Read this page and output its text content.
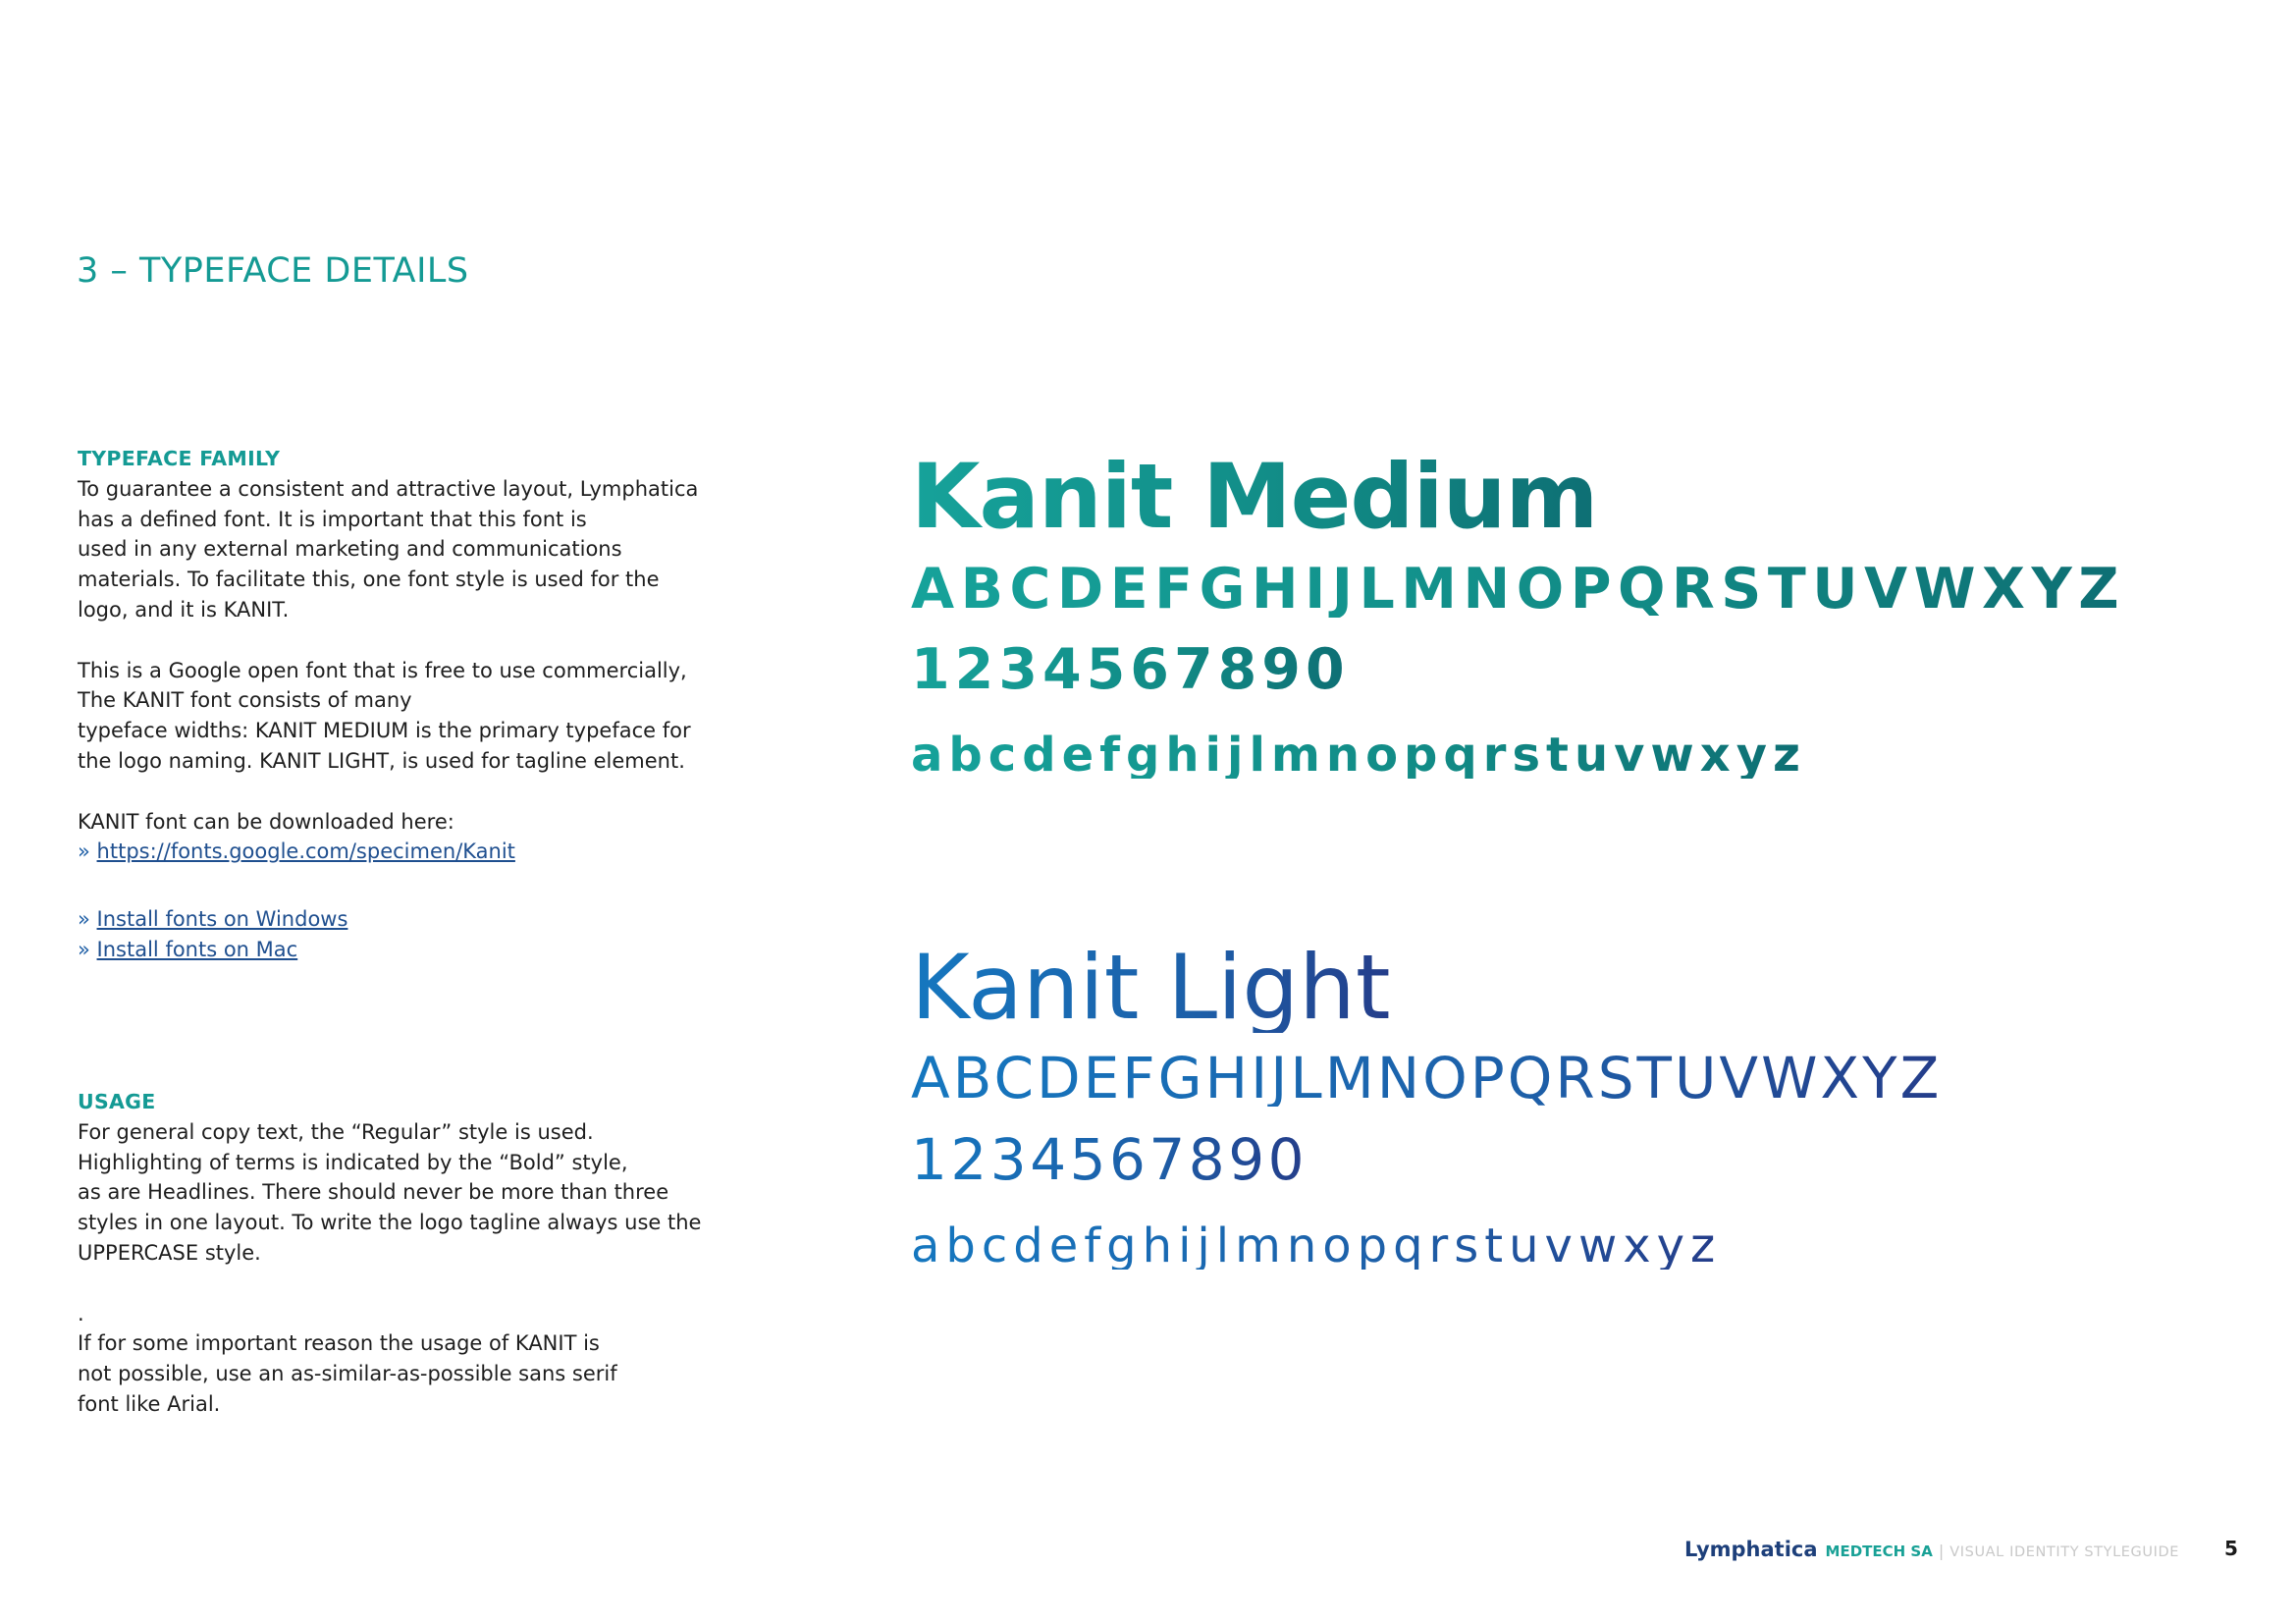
3 – TYPEFACE DETAILS
TYPEFACE FAMILY
To guarantee a consistent and attractive layout, Lymphatica
has a defined font. It is important that this font is
used in any external marketing and communications
materials. To facilitate this, one font style is used for the
logo, and it is KANIT.
This is a Google open font that is free to use commercially,
The KANIT font consists of many
typeface widths: KANIT MEDIUM is the primary typeface for
the logo naming. KANIT LIGHT, is used for tagline element.
KANIT font can be downloaded here:
» https://fonts.google.com/specimen/Kanit
» Install fonts on Windows
» Install fonts on Mac
USAGE
For general copy text, the “Regular” style is used.
Highlighting of terms is indicated by the “Bold” style,
as are Headlines. There should never be more than three
styles in one layout. To write the logo tagline always use the
UPPERCASE style.
.
If for some important reason the usage of KANIT is
not possible, use an as-similar-as-possible sans serif
font like Arial.
Kanit Medium
ABCDEFGHIJLMNOPQRSTUVWXYZ
1234567890
abcdefghijlmnopqrstuvwxyz
Kanit Light
ABCDEFGHIJLMNOPQRSTUVWXYZ
1234567890
abcdefghijlmnopqrstuvwxyz
Lymphatica MEDTECH SA | VISUAL IDENTITY STYLEGUIDE 5
